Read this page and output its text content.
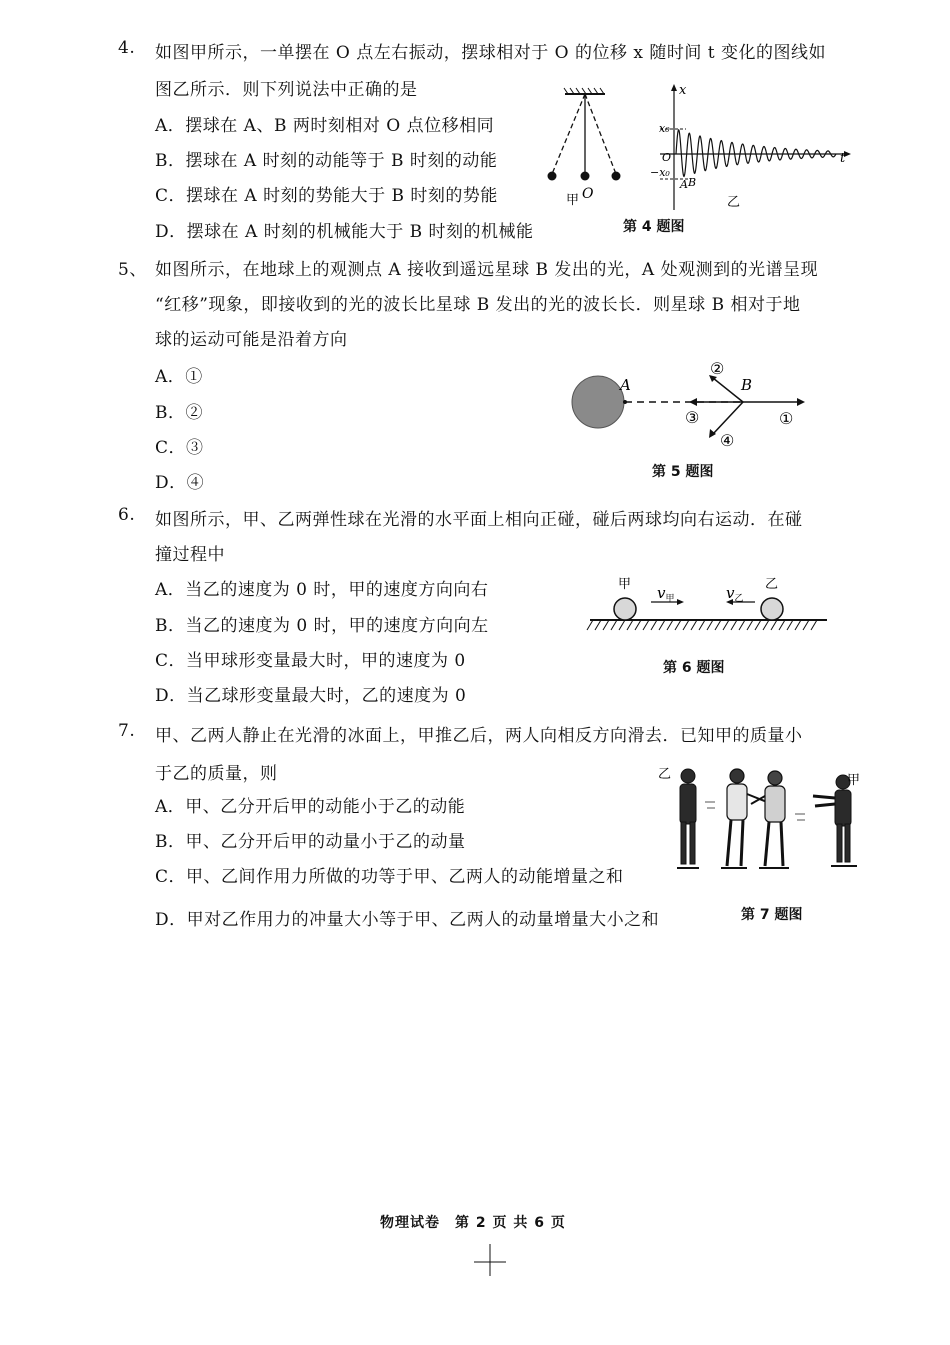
4. 如图甲所示，一单摆在 O 点左右振动，摆球相对于 O 的位移 x 随时间 t 变化的图线如
图乙所示．则下列说法中正确的是
A．摆球在 A、B 两时刻相对 O 点位移相同
B．摆球在 A 时刻的动能等于 B 时刻的动能
C．摆球在 A 时刻的势能大于 B 时刻的势能
D．摆球在 A 时刻的机械能大于 B 时刻的机械能
甲 O
x
t
x₀
−x₀
O
A B
乙
第 4 题图
5、 如图所示，在地球上的观测点 A 接收到遥远星球 B 发出的光，A 处观测到的光谱呈现
“红移”现象，即接收到的光的波长比星球 B 发出的光的波长长．则星球 B 相对于地
球的运动可能是沿着方向
A．①
B．②
C．③
D．④
A	B
①
②
③
④
第 5 题图
6. 如图所示，甲、乙两弹性球在光滑的水平面上相向正碰，碰后两球均向右运动．在碰
撞过程中
A．当乙的速度为 0 时，甲的速度方向向右
B．当乙的速度为 0 时，甲的速度方向向左
C．当甲球形变量最大时，甲的速度为 0
D．当乙球形变量最大时，乙的速度为 0
甲	乙
$v_甲$	$v_乙$
第 6 题图
7. 甲、乙两人静止在光滑的冰面上，甲推乙后，两人向相反方向滑去．已知甲的质量小
于乙的质量，则
A．甲、乙分开后甲的动能小于乙的动能
B．甲、乙分开后甲的动量小于乙的动量
C．甲、乙间作用力所做的功等于甲、乙两人的动能增量之和
D．甲对乙作用力的冲量大小等于甲、乙两人的动量增量大小之和
乙	甲
第 7 题图
物理试卷　第 2 页 共 6 页
